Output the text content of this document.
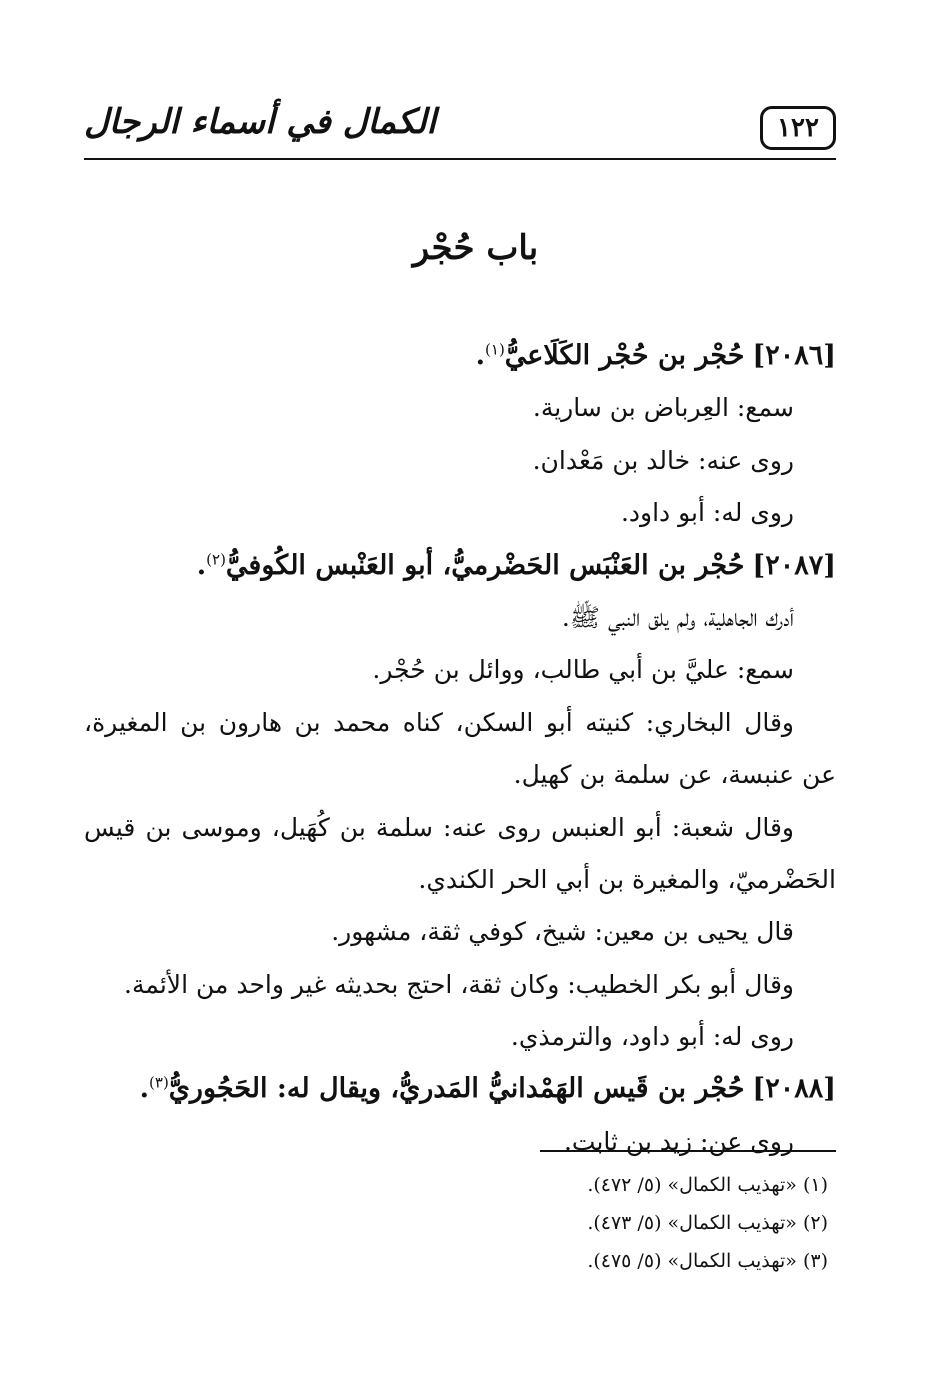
١٢٢
الكمال في أسماء الرجال
باب حُجْر
[٢٠٨٦] حُجْر بن حُجْر الكَلَاعيُّ$^{(١)}$.
سمع: العِرباض بن سارية.
روى عنه: خالد بن مَعْدان.
روى له: أبو داود.
[٢٠٨٧] حُجْر بن العَنْبَس الحَضْرميُّ، أبو العَنْبس الكُوفيُّ$^{(٢)}$.
أدرك الجاهلية، ولم يلق النبي ﷺ.
سمع: عليَّ بن أبي طالب، ووائل بن حُجْر.
وقال البخاري: كنيته أبو السكن، كناه محمد بن هارون بن المغيرة،
عن عنبسة، عن سلمة بن كهيل.
وقال شعبة: أبو العنبس روى عنه: سلمة بن كُهَيل، وموسى بن قيس
الحَضْرميّ، والمغيرة بن أبي الحر الكندي.
قال يحيى بن معين: شيخ، كوفي ثقة، مشهور.
وقال أبو بكر الخطيب: وكان ثقة، احتج بحديثه غير واحد من الأئمة.
روى له: أبو داود، والترمذي.
[٢٠٨٨] حُجْر بن قَيس الهَمْدانيُّ المَدريُّ، ويقال له: الحَجُوريُّ$^{(٣)}$.
روى عن: زيد بن ثابت.
(١) «تهذيب الكمال» (٥/ ٤٧٢).
(٢) «تهذيب الكمال» (٥/ ٤٧٣).
(٣) «تهذيب الكمال» (٥/ ٤٧٥).
